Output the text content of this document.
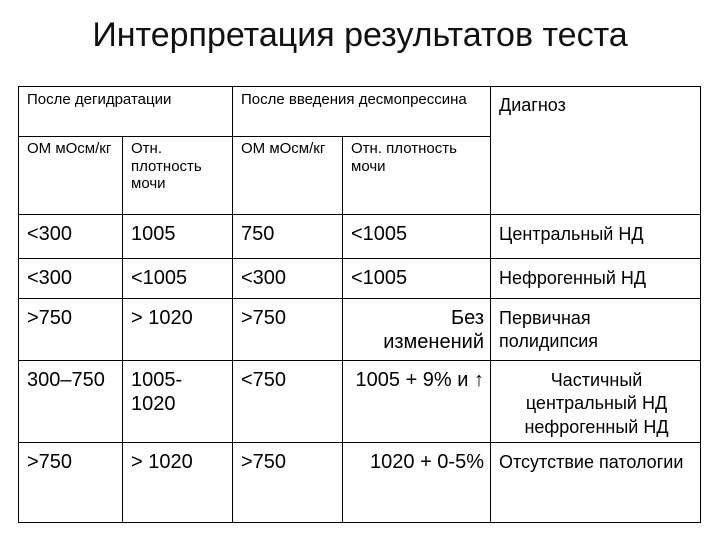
Интерпретация результатов теста
После дегидратации		После введения десмопрессина		Диагноз
ОМ мОсм/кг	Отн. плотность мочи	ОМ мОсм/кг	Отн. плотность мочи	
<300	1005	750	<1005	Центральный НД
<300	<1005	<300	<1005	Нефрогенный НД
>750	> 1020	>750	Без изменений	Первичная полидипсия
300–750	1005-1020	<750	1005 + 9% и ↑	Частичный центральный НД нефрогенный НД
>750	> 1020	>750	1020 + 0-5%	Отсутствие патологии
